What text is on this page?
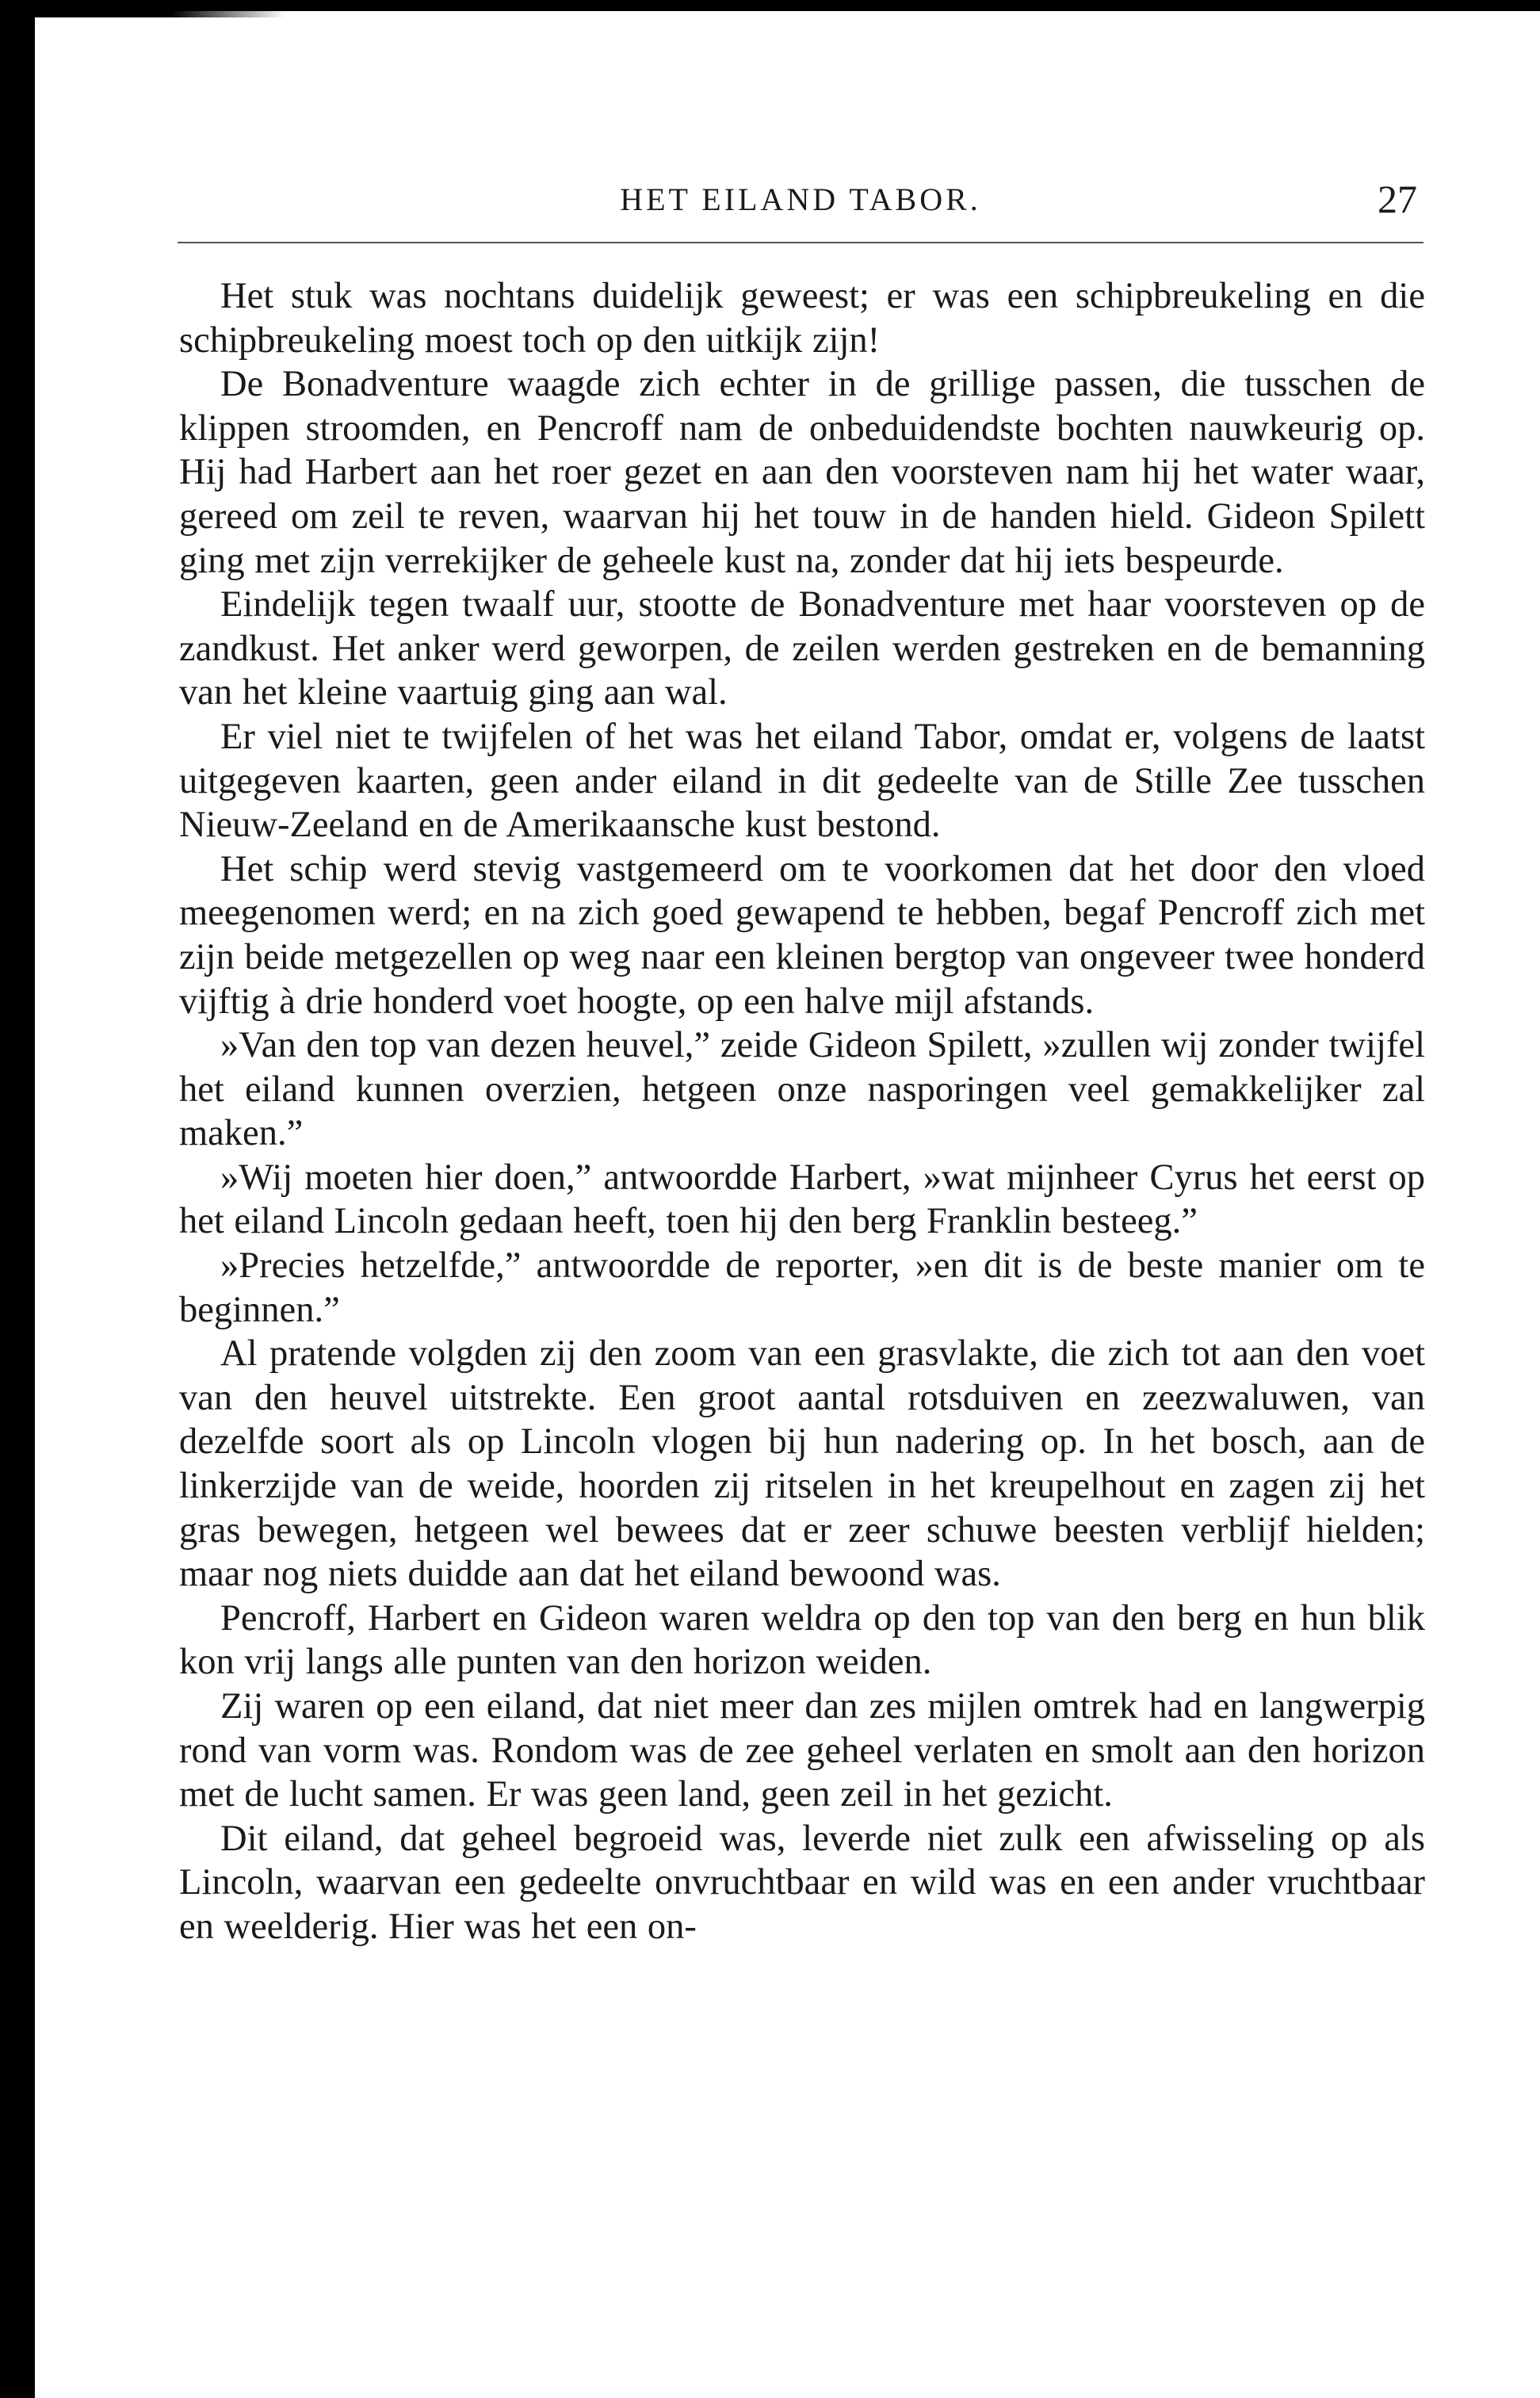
HET EILAND TABOR.	27

Het stuk was nochtans duidelijk geweest; er was een schipbreukeling en die schipbreukeling moest toch op den uitkijk zijn!

De Bonadventure waagde zich echter in de grillige passen, die tusschen de klippen stroomden, en Pencroff nam de onbeduidendste bochten nauwkeurig op. Hij had Harbert aan het roer gezet en aan den voorsteven nam hij het water waar, gereed om zeil te reven, waarvan hij het touw in de handen hield. Gideon Spilett ging met zijn verrekijker de geheele kust na, zonder dat hij iets bespeurde.

Eindelijk tegen twaalf uur, stootte de Bonadventure met haar voorsteven op de zandkust. Het anker werd geworpen, de zeilen werden gestreken en de bemanning van het kleine vaartuig ging aan wal.

Er viel niet te twijfelen of het was het eiland Tabor, omdat er, volgens de laatst uitgegeven kaarten, geen ander eiland in dit gedeelte van de Stille Zee tusschen Nieuw-Zeeland en de Amerikaansche kust bestond.

Het schip werd stevig vastgemeerd om te voorkomen dat het door den vloed meegenomen werd; en na zich goed gewapend te hebben, begaf Pencroff zich met zijn beide metgezellen op weg naar een kleinen bergtop van ongeveer twee honderd vijftig à drie honderd voet hoogte, op een halve mijl afstands.

»Van den top van dezen heuvel,” zeide Gideon Spilett, »zullen wij zonder twijfel het eiland kunnen overzien, hetgeen onze nasporingen veel gemakkelijker zal maken.”

»Wij moeten hier doen,” antwoordde Harbert, »wat mijnheer Cyrus het eerst op het eiland Lincoln gedaan heeft, toen hij den berg Franklin besteeg.”

»Precies hetzelfde,” antwoordde de reporter, »en dit is de beste manier om te beginnen.”

Al pratende volgden zij den zoom van een grasvlakte, die zich tot aan den voet van den heuvel uitstrekte. Een groot aantal rotsduiven en zeezwaluwen, van dezelfde soort als op Lincoln vlogen bij hun nadering op. In het bosch, aan de linkerzijde van de weide, hoorden zij ritselen in het kreupelhout en zagen zij het gras bewegen, hetgeen wel bewees dat er zeer schuwe beesten verblijf hielden; maar nog niets duidde aan dat het eiland bewoond was.

Pencroff, Harbert en Gideon waren weldra op den top van den berg en hun blik kon vrij langs alle punten van den horizon weiden.

Zij waren op een eiland, dat niet meer dan zes mijlen omtrek had en langwerpig rond van vorm was. Rondom was de zee geheel verlaten en smolt aan den horizon met de lucht samen. Er was geen land, geen zeil in het gezicht.

Dit eiland, dat geheel begroeid was, leverde niet zulk een afwisseling op als Lincoln, waarvan een gedeelte onvruchtbaar en wild was en een ander vruchtbaar en weelderig. Hier was het een on-
